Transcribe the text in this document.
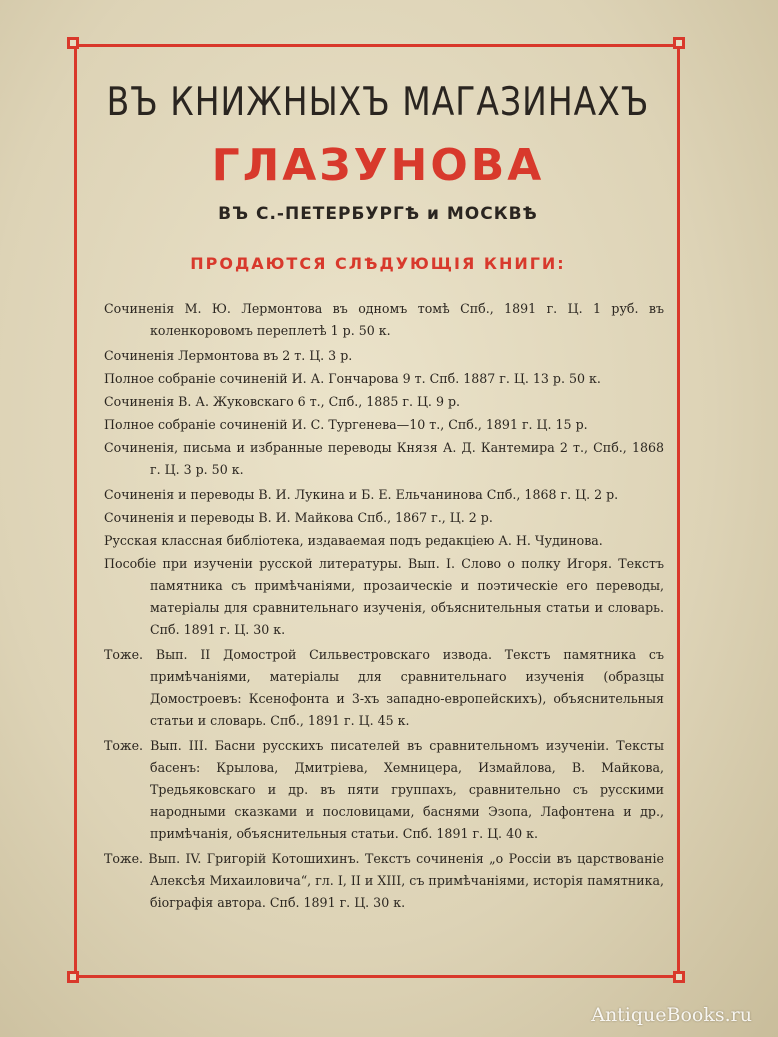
ВЪ КНИЖНЫХЪ МАГАЗИНАХЪ
ГЛАЗУНОВА
ВЪ С.-ПЕТЕРБУРГѢ и МОСКВѢ
ПРОДАЮТСЯ СЛѢДУЮЩІЯ КНИГИ:

Сочиненія М. Ю. Лермонтова въ одномъ томѣ Спб., 1891 г. Ц. 1 руб. въ коленкоровомъ переплетѣ 1 р. 50 к.

Сочиненія Лермонтова въ 2 т. Ц. 3 р.

Полное собраніе сочиненій И. А. Гончарова 9 т. Спб. 1887 г. Ц. 13 р. 50 к.

Сочиненія В. А. Жуковскаго 6 т., Спб., 1885 г. Ц. 9 р.

Полное собраніе сочиненій И. С. Тургенева—10 т., Спб., 1891 г. Ц. 15 р.

Сочиненія, письма и избранные переводы Князя А. Д. Кантемира 2 т., Спб., 1868 г. Ц. 3 р. 50 к.

Сочиненія и переводы В. И. Лукина и Б. Е. Ельчанинова Спб., 1868 г. Ц. 2 р.

Сочиненія и переводы В. И. Майкова Спб., 1867 г., Ц. 2 р.

Русская классная библіотека, издаваемая подъ редакціею А. Н. Чудинова.

Пособіе при изученіи русской литературы. Вып. I. Слово о полку Игоря. Текстъ памятника съ примѣчаніями, прозаическіе и поэтическіе его переводы, матеріалы для сравнительнаго изученія, объяснительныя статьи и словарь. Спб. 1891 г. Ц. 30 к.

Тоже. Вып. II Домострой Сильвестровскаго извода. Текстъ памятника съ примѣчаніями, матеріалы для сравнительнаго изученія (образцы Домостроевъ: Ксенофонта и 3-хъ западно-европейскихъ), объяснительныя статьи и словарь. Спб., 1891 г. Ц. 45 к.

Тоже. Вып. III. Басни русскихъ писателей въ сравнительномъ изученіи. Тексты басенъ: Крылова, Дмитріева, Хемницера, Измайлова, В. Майкова, Тредьяковскаго и др. въ пяти группахъ, сравнительно съ русскими народными сказками и пословицами, баснями Эзопа, Лафонтена и др., примѣчанія, объяснительныя статьи. Спб. 1891 г. Ц. 40 к.

Тоже. Вып. IV. Григорій Котошихинъ. Текстъ сочиненія „о Россіи въ царствованіе Алексѣя Михаиловича“, гл. I, II и XIII, съ примѣчаніями, исторія памятника, біографія автора. Спб. 1891 г. Ц. 30 к.

AntiqueBooks.ru
